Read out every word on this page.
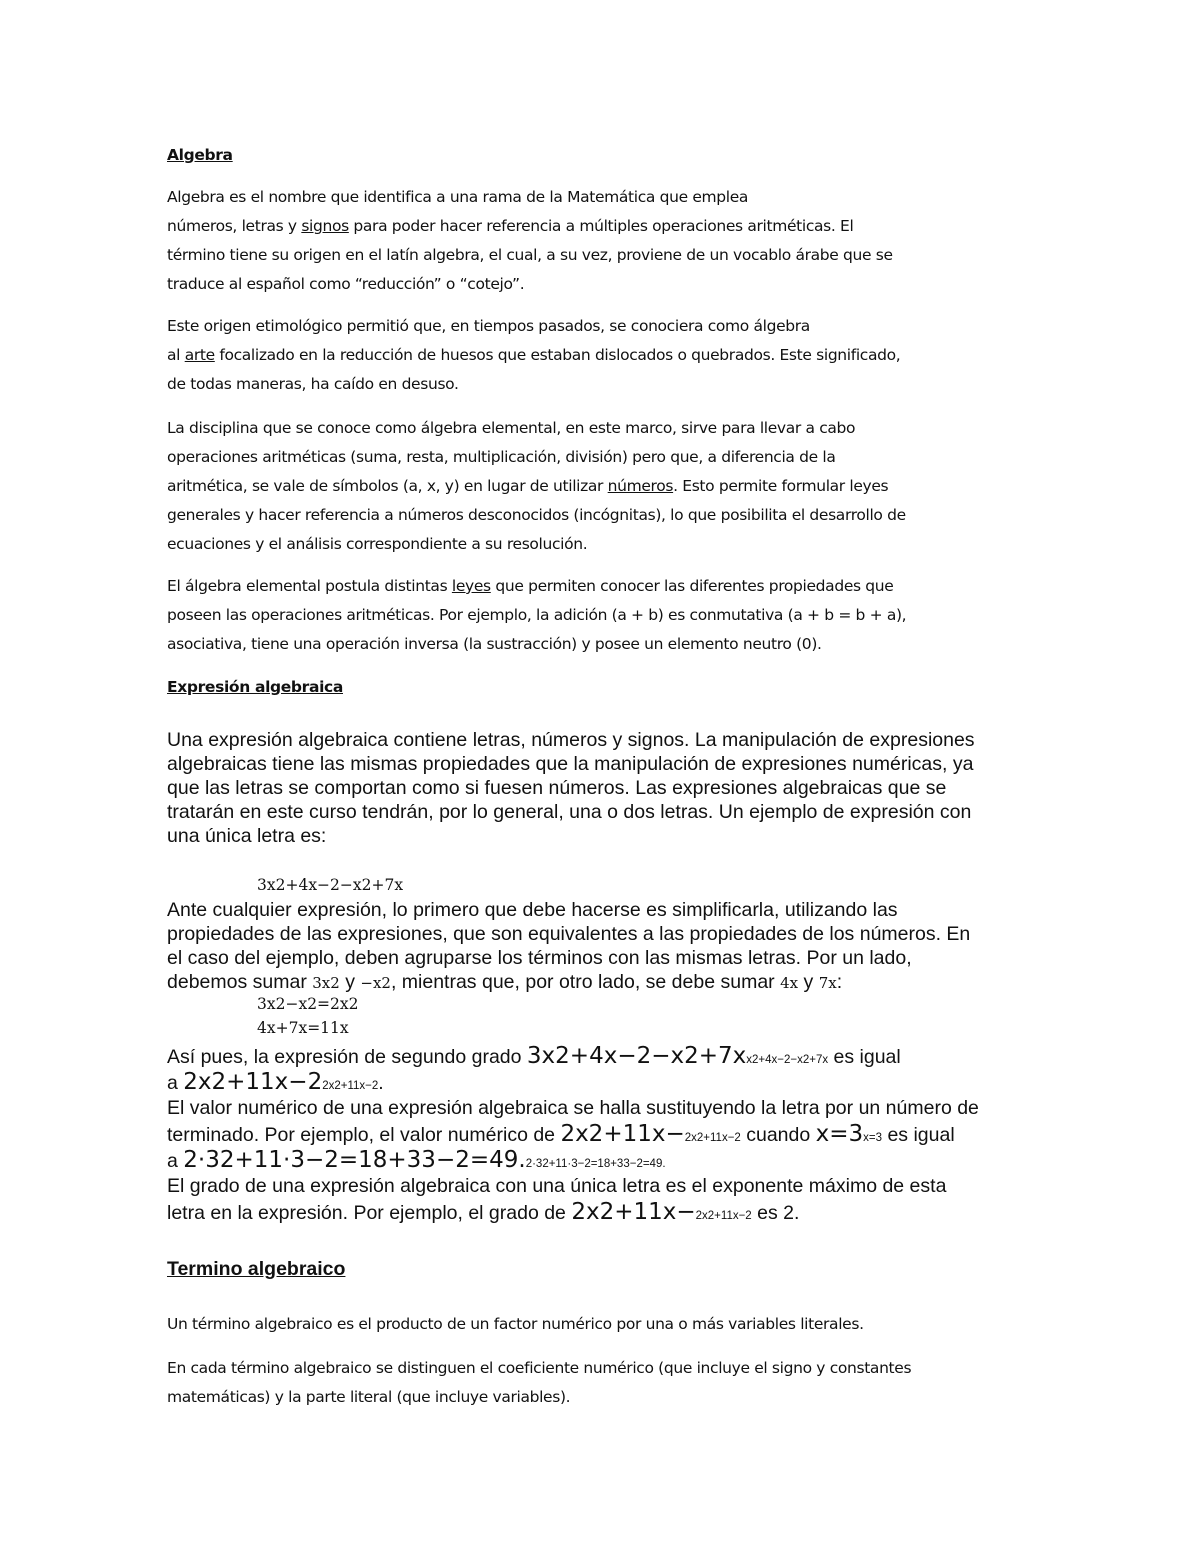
Algebra
Algebra es el nombre que identifica a una rama de la Matemática que emplea
números, letras y signos para poder hacer referencia a múltiples operaciones aritméticas. El
término tiene su origen en el latín algebra, el cual, a su vez, proviene de un vocablo árabe que se
traduce al español como “reducción” o “cotejo”.
Este origen etimológico permitió que, en tiempos pasados, se conociera como álgebra
al arte focalizado en la reducción de huesos que estaban dislocados o quebrados. Este significado,
de todas maneras, ha caído en desuso.
La disciplina que se conoce como álgebra elemental, en este marco, sirve para llevar a cabo
operaciones aritméticas (suma, resta, multiplicación, división) pero que, a diferencia de la
aritmética, se vale de símbolos (a, x, y) en lugar de utilizar números. Esto permite formular leyes
generales y hacer referencia a números desconocidos (incógnitas), lo que posibilita el desarrollo de
ecuaciones y el análisis correspondiente a su resolución.
El álgebra elemental postula distintas leyes que permiten conocer las diferentes propiedades que
poseen las operaciones aritméticas. Por ejemplo, la adición (a + b) es conmutativa (a + b = b + a),
asociativa, tiene una operación inversa (la sustracción) y posee un elemento neutro (0).
Expresión algebraica
Una expresión algebraica contiene letras, números y signos. La manipulación de expresiones
algebraicas tiene las mismas propiedades que la manipulación de expresiones numéricas, ya
que las letras se comportan como si fuesen números. Las expresiones algebraicas que se
tratarán en este curso tendrán, por lo general, una o dos letras. Un ejemplo de expresión con
una única letra es:
3x2+4x−2−x2+7x
Ante cualquier expresión, lo primero que debe hacerse es simplificarla, utilizando las
propiedades de las expresiones, que son equivalentes a las propiedades de los números. En
el caso del ejemplo, deben agruparse los términos con las mismas letras. Por un lado,
debemos sumar 3x2 y −x2, mientras que, por otro lado, se debe sumar 4x y 7x:
3x2−x2=2x2
4x+7x=11x
Así pues, la expresión de segundo grado 3x2+4x−2−x2+7xx2+4x−2−x2+7x es igual
a 2x2+11x−22x2+11x−2.
El valor numérico de una expresión algebraica se halla sustituyendo la letra por un número de
terminado. Por ejemplo, el valor numérico de 2x2+11x−2x2+11x−2 cuando x=3x=3 es igual
a 2·32+11·3−2=18+33−2=49.2·32+11·3−2=18+33−2=49.
El grado de una expresión algebraica con una única letra es el exponente máximo de esta
letra en la expresión. Por ejemplo, el grado de 2x2+11x−2x2+11x−2 es 2.
Termino algebraico
Un término algebraico es el producto de un factor numérico por una o más variables literales.
En cada término algebraico se distinguen el coeficiente numérico (que incluye el signo y constantes
matemáticas) y la parte literal (que incluye variables).
